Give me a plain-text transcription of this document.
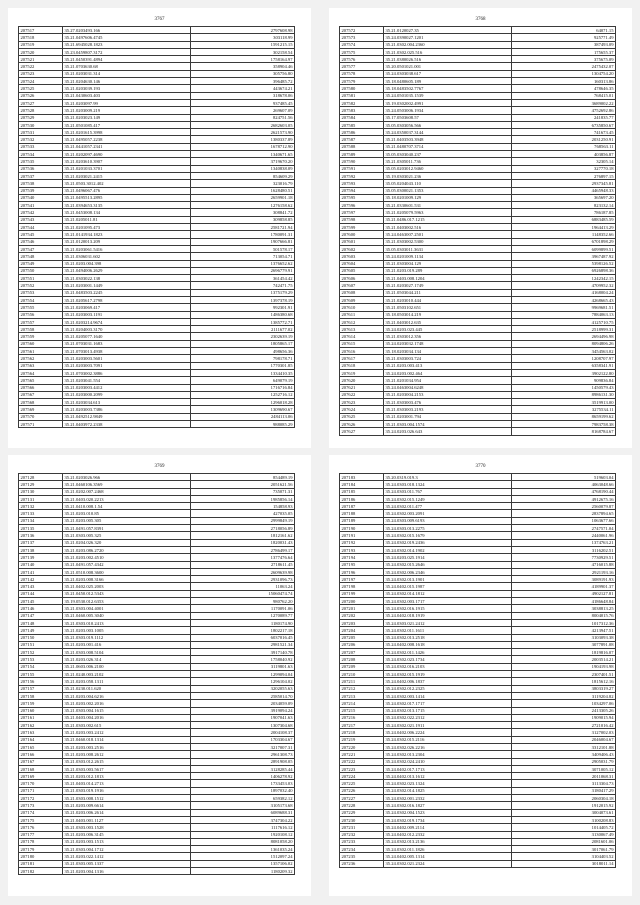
3767
207517	35.27.0203493.166	2797608.98
207518	35.21.0497606.4745	303118.99
207519	35.21.6945028.1823	1591215.15
207520	35.23.0459807.3172	302158.54
207521	35.21.0450391.4894	1758164.97
207522	35.21.0703630.68	358904.46
207523	35.21.0203031.314	305756.80
207524	35.21.0204630.146	396485.72
207525	35.21.0203039.193	443674.21
207526	35.21.0430603.403	318678.06
207527	35.21.0203097.99	937485.45
207528	35.21.0203009.219	269607.09
207529	35.21.0203023.149	824751.56
207530	35.21.0501085.417	2682603.05
207531	35.21.0201615.3998	2621573.90
207532	35.21.0495057.2238	1380337.89
207533	35.21.0441057.2341	1678712.90
207534	35.21.0202097.4690	1340671.65
207535	35.21.0203610.3907	3719670.20
207536	35.21.0201033.3701	1340838.09
207537	35.21.0203021.2415	854609.29
207538	35.21.0503.3012.402	323016.79
207539	35.21.0496067.476	1628480.51
207540	35.21.0495513.2895	2659901.18
207541	35.21.0394653.3135	1276158.62
207542	35.21.0453008.134	308841.72
207543	35.21.0205011.81	309858.85
207544	35.21.0201095.473	2581721.94
207545	35.21.0141934.1823	1780091.31
207546	35.21.0120013.209	1907666.81
207547	35.21.0203061.5416	501578.17
207548	35.21.0306031.602	713054.71
207549	35.21.0203.004.398	1376652.62
207550	35.21.0494006.2629	2696779.91
207551	35.21.0303022.138	361454.42
207552	35.21.0203001.1449	742471.75
207553	35.21.0483503.2245	1375179.29
207554	35.21.0205617.2798	1397378.19
207555	35.21.0203069.417	992301.91
207556	35.21.0203003.1191	1486380.68
207557	35.21.0203214.9674	1385772.71
207558	35.21.0204003.3170	2111677.02
207559	35.21.0205077.1640	2302639.19
207560	35.21.0703031.1683	1805865.17
207561	35.21.0703013.4938	498656.36
207562	35.21.0203003.5601	798178.71
207563	35.21.0203003.7091	1770301.85
207564	35.21.0703002.3886	1334410.35
207565	35.21.0203041.554	649079.19
207566	35.21.0203003.4412	1716716.84
207567	35.21.0203000.2099	1252716.12
207568	35.21.0203034.613	1296018.28
207569	35.21.0203003.7386	1309690.67
207570	35.21.0492512.9849	2484113.06
207571	35.21.0403972.2338	988085.29
3768
207572	35.21.0120027.35	64071.15
207573	35.24.0390027.1201	925771.49
207574	35.21.0302.004.2360	387493.09
207575	35.21.0302.025.516	175655.37
207576	35.21.0380026.516	375675.09
207577	35.20.0501021.001	2475432.07
207578	35.24.0303038.617	1304754.20
207579	35.18.0480605.189	160313.86
207580	35.18.0483502.7767	478646.35
207581	35.24.0501035.1539	768415.01
207582	35.19.0302002.4991	3689002.22
207583	35.24.0503006.1934	4752692.86
207584	35.17.0503608.57	241835.77
207585	35.05.0303056.566	6735850.67
207586	35.24.0350037.3144	741673.45
207587	35.21.0403503.3948	2031250.91
207588	35.21.0480707.3714	768563.11
207589	35.05.0303040.237	403856.87
207590	35.21.0305011.736	32305.14
207591	35.05.0203012.9460	327770.18
207592	35.19.0303021.236	276897.15
207593	35.05.0204043.110	2937345.81
207594	35.05.0300021.1353	4465948.33
207595	35.18.0201009.129	365697.20
207596	35.21.0330601.531	823132.14
207597	35.21.0205079.5963	786187.85
207598	35.21.0486.017.1215	6883485.59
207599	35.21.0403002.516	1964413.29
207600	35.24.0463007.2501	1148352.66
207601	35.21.0303002.5300	6701898.29
207602	35.05.0303011.3631	6099899.51
207603	35.24.0201009.1134	3967487.92
207604	35.21.0303004.129	5398126.52
207605	35.21.0203.019.289	6926898.36
207606	35.21.0403.008.1204	1242342.15
207607	35.21.0203027.1749	4709952.32
207608	35.21.0503044.211	4168004.24
207609	35.21.0203010.444	4268665.43
207610	35.21.0503102.651	9969681.51
207611	35.18.0503014.219	7884063.13
207612	35.21.0403012.635	4125710.75
207613	35.24.0203.023.445	2518999.31
207614	35.21.0303012.356	2694496.98
207615	35.24.0203032.1748	8094806.26
207616	35.18.0203034.134	3454563.02
207617	35.21.0303003.724	1208707.97
207618	35.21.0203.003.413	6358341.91
207619	35.24.0203.002.464	3902122.80
207620	35.21.0201034.954	909836.84
207621	35.24.0463004.6248	1450579.43
207622	35.21.0203004.2153	8986131.30
207623	35.21.0303003.476	3519913.00
207624	35.21.0303003.2193	3275534.11
207625	35.21.0203001.794	8659199.62
207626	35.21.0303.004.1574	7983758.38
207627	35.24.0203.026.643	8168784.67
3769
207128	35.21.0203026.966	854489.19
207129	35.21.0460106.3569	2051621.56
207130	35.21.0202.007.2468	735071.31
207131	35.21.0403.020.2213	1985856.14
207132	35.21.0410.008.1.54	154858.93
207133	35.21.0203.010.85	427035.05
207134	35.21.0203.005.305	2999849.19
207135	35.21.0491.057.8391	2718056.89
207136	35.21.0303.005.325	1812161.62
207137	35.21.0204.026.320	1820031.43
207138	35.21.0203.086.2720	2786499.17
207139	35.21.0203.002.4510	1377476.64
207140	35.21.0491.057.4342	2718611.45
207141	35.21.0510.008.3600	2609639.98
207142	35.21.0203.008.3166	2931096.73
207143	35.21.0402.025.2003	11063.24
207144	35.21.0450.012.5343	15060474.74
207145	35.19.0530.012.6353	980762.20
207146	35.21.0303.004.4001	1170091.06
207147	35.21.0460.005.3040	1270089.77
207148	35.21.0303.010.2413	1180174.90
207149	35.21.0203.003.1005	1802217.18
207150	35.21.0303.019.1112	6037016.45
207151	35.21.0203.001.416	2981521.34
207152	35.21.0303.008.5104	3917140.78
207153	35.21.0203.026.314	1758040.92
207154	35.21.0603.006.2100	3119801.63
207155	35.21.0240.003.2102	1299094.04
207156	35.21.0203.058.1311	1296104.02
207157	35.21.0230.011.620	3202055.63
207158	35.21.0203.004.6216	2585014.70
207159	35.21.0203.002.2016	2034059.09
207160	35.21.0303.004.1615	3919094.24
207161	35.21.0403.004.2016	1907041.63
207162	35.21.0303.002.615	1307304.68
207163	35.21.0203.003.2412	2004108.37
207164	35.21.0460.018.1314	1703304.67
207165	35.21.0203.003.2516	3217007.31
207166	35.21.0203.008.2612	2961308.73
207167	35.21.0303.012.2615	2891908.05
207168	35.21.0303.003.5617	3128285.44
207169	35.21.0203.012.1813	1406278.92
207170	35.21.0403.014.2713	1733453.03
207171	35.21.0303.019.1916	1897032.40
207172	35.21.0303.008.1512	659382.12
207173	35.21.0203.009.6614	3105173.68
207174	35.21.0203.006.2614	6089688.31
207175	35.21.0403.001.1127	3747304.22
207176	35.21.0303.003.1528	1117616.12
207177	35.21.0203.006.3145	1920108.12
207178	35.21.0203.003.1513	8081058.20
207179	35.21.0303.004.1712	1361035.24
207180	35.21.0203.022.1412	1512097.24
207181	35.21.0303.005.1337	1357106.02
207182	35.21.0203.004.1316	1180209.32
3770
207183	35.20.0319.019.3	519603.04
207184	35.24.0303.018.1324	4063048.66
207185	35.24.0303.011.767	4768190.44
207186	35.24.0302.015.1249	4912675.16
207187	35.24.0302.011.477	2560079.87
207188	35.24.0302.003.2091	2837894.65
207189	35.24.0303.009.6193	1063677.66
207190	35.24.0303.013.2275	2747571.04
207191	35.24.0302.015.1679	2440061.96
207192	35.24.0302.019.2436	1374763.21
207193	35.24.0302.014.1902	3116202.51
207194	35.24.0203.025.1914	7730929.51
207195	35.24.0302.015.2646	4716015.88
207196	35.24.0302.006.2346	2921193.16
207197	35.24.0302.013.1901	3089191.93
207198	35.24.0402.015.1987	4189901.37
207199	35.24.0302.014.1812	4902127.81
207200	35.24.0302.003.1717	4186648.84
207201	35.24.0302.016.1915	3038813.25
207202	35.24.0402.018.1919	8004015.76
207203	35.24.0303.021.2412	1017312.36
207204	35.24.0302.011.1611	4213947.51
207205	35.24.0302.013.2518	3103093.38
207206	35.24.0402.008.1618	3077891.08
207207	35.24.0302.011.1426	1819816.07
207208	35.24.0302.023.1734	2003514.21
207209	35.24.0302.016.2103	1904193.98
207210	35.24.0302.015.1919	2307401.51
207211	35.24.0402.006.1837	1815612.16
207212	35.24.0302.012.2325	3803319.27
207213	35.24.0302.003.1414	3119204.82
207214	35.24.0302.017.1717	1034297.06
207215	35.24.0302.013.1715	2413305.26
207216	35.24.0302.022.2312	1909015.94
207217	35.24.0302.021.1911	2721016.42
207218	35.24.0402.006.2224	3127002.03
207219	35.24.0302.015.2116	2046004.67
207220	35.24.0302.026.2216	3312101.88
207221	35.24.0302.013.2304	3409406.43
207222	35.24.0302.024.2410	2905031.79
207223	35.24.0402.017.1713	3071005.12
207224	35.24.0402.013.1612	2011068.31
207225	35.24.0302.023.1324	3113304.73
207226	35.24.0302.014.1825	3180417.29
207227	35.24.0302.001.2332	2060304.18
207228	35.24.0302.016.1827	1912015.92
207229	35.24.0302.004.1523	3004073.61
207230	35.24.0302.019.1734	3100208.83
207231	35.24.0402.009.2114	1014405.72
207232	35.24.0402.012.2332	3130067.49
207233	35.24.0302.013.2136	2081601.06
207234	35.24.0302.011.1826	3017061.79
207235	35.24.0402.005.1314	3104403.52
207236	35.24.0302.021.2324	3018011.14
